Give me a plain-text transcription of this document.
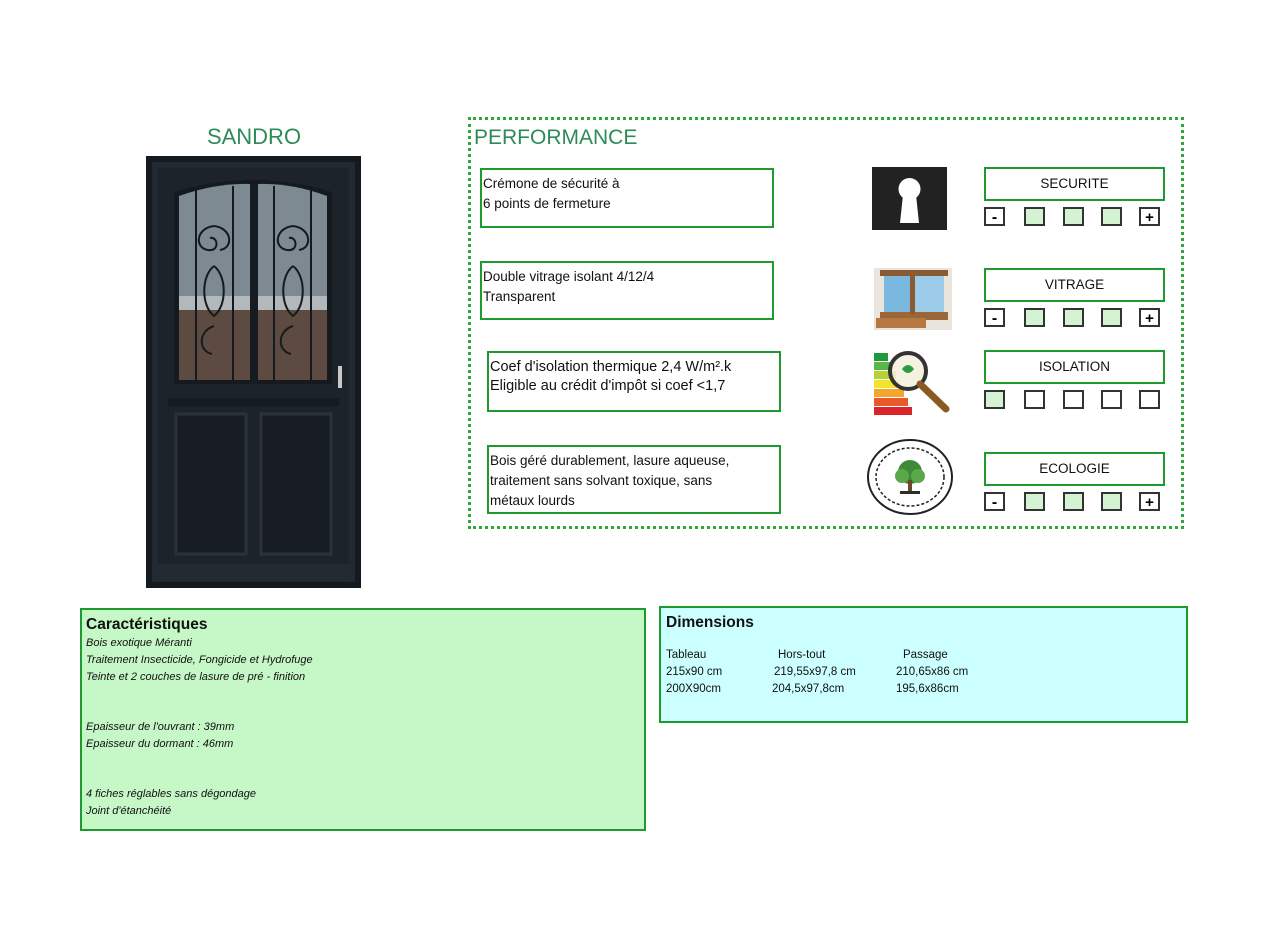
SANDRO	PERFORMANCE
Crémone de sécurité à
6 points de fermeture
SECURITE
-	+
Double vitrage isolant 4/12/4
Transparent
VITRAGE
-	+
Coef d'isolation thermique 2,4 W/m².k
Eligible au crédit d'impôt si coef <1,7
ISOLATION
Bois géré durablement, lasure aqueuse,
traitement sans solvant toxique, sans
métaux lourds
ECOLOGIE
-	+
Caractéristiques
Bois exotique Méranti
Traitement Insecticide, Fongicide et Hydrofuge
Teinte et 2 couches de lasure de pré - finition
Epaisseur de l'ouvrant : 39mm
Epaisseur du dormant : 46mm
4 fiches réglables sans dégondage
Joint d'étanchéité
Dimensions
Tableau	Hors-tout	Passage
215x90 cm	219,55x97,8 cm	210,65x86 cm
200X90cm	204,5x97,8cm	195,6x86cm
